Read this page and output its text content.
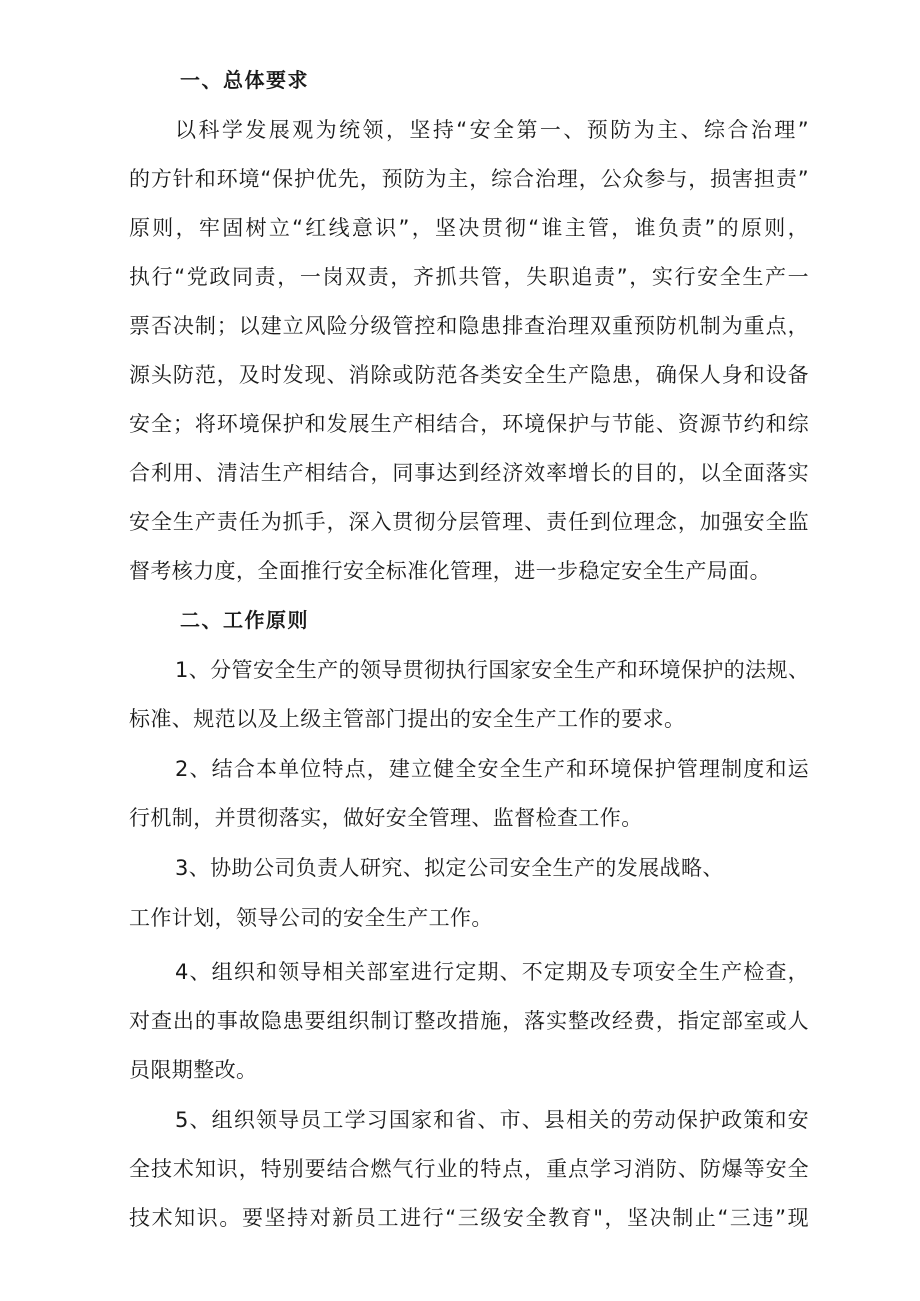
一、总体要求
以科学发展观为统领，坚持“安全第一、预防为主、综合治理”
的方针和环境“保护优先，预防为主，综合治理，公众参与，损害担责”
原则，牢固树立“红线意识”，坚决贯彻“谁主管，谁负责”的原则，
执行“党政同责，一岗双责，齐抓共管，失职追责”，实行安全生产一
票否决制；以建立风险分级管控和隐患排查治理双重预防机制为重点，
源头防范，及时发现、消除或防范各类安全生产隐患，确保人身和设备
安全；将环境保护和发展生产相结合，环境保护与节能、资源节约和综
合利用、清洁生产相结合，同事达到经济效率增长的目的，以全面落实
安全生产责任为抓手，深入贯彻分层管理、责任到位理念，加强安全监
督考核力度，全面推行安全标准化管理，进一步稳定安全生产局面。
二、工作原则
1、分管安全生产的领导贯彻执行国家安全生产和环境保护的法规、
标准、规范以及上级主管部门提出的安全生产工作的要求。
2、结合本单位特点，建立健全安全生产和环境保护管理制度和运
行机制，并贯彻落实，做好安全管理、监督检查工作。
3、协助公司负责人研究、拟定公司安全生产的发展战略、
工作计划，领导公司的安全生产工作。
4、组织和领导相关部室进行定期、不定期及专项安全生产检查，
对查出的事故隐患要组织制订整改措施，落实整改经费，指定部室或人
员限期整改。
5、组织领导员工学习国家和省、市、县相关的劳动保护政策和安
全技术知识，特别要结合燃气行业的特点，重点学习消防、防爆等安全
技术知识。要坚持对新员工进行“三级安全教育"，坚决制止“三违”现
